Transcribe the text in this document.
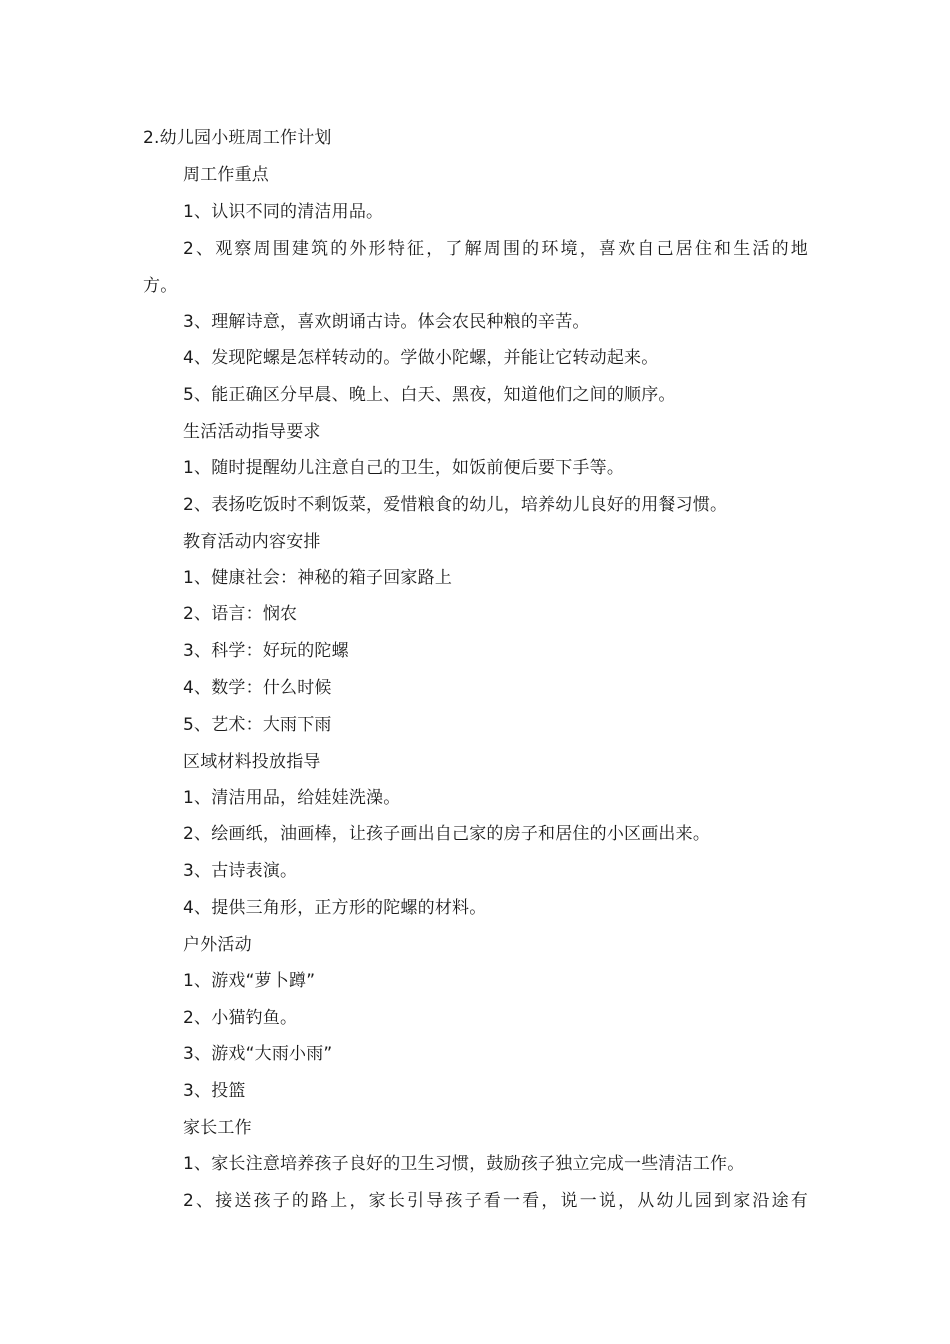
2.幼儿园小班周工作计划
周工作重点
1、认识不同的清洁用品。
2、观察周围建筑的外形特征，了解周围的环境，喜欢自己居住和生活的地
方。
3、理解诗意，喜欢朗诵古诗。体会农民种粮的辛苦。
4、发现陀螺是怎样转动的。学做小陀螺，并能让它转动起来。
5、能正确区分早晨、晚上、白天、黑夜，知道他们之间的顺序。
生活活动指导要求
1、随时提醒幼儿注意自己的卫生，如饭前便后要下手等。
2、表扬吃饭时不剩饭菜，爱惜粮食的幼儿，培养幼儿良好的用餐习惯。
教育活动内容安排
1、健康社会：神秘的箱子回家路上
2、语言：悯农
3、科学：好玩的陀螺
4、数学：什么时候
5、艺术：大雨下雨
区域材料投放指导
1、清洁用品，给娃娃洗澡。
2、绘画纸，油画棒，让孩子画出自己家的房子和居住的小区画出来。
3、古诗表演。
4、提供三角形，正方形的陀螺的材料。
户外活动
1、游戏“萝卜蹲”
2、小猫钓鱼。
3、游戏“大雨小雨”
3、投篮
家长工作
1、家长注意培养孩子良好的卫生习惯，鼓励孩子独立完成一些清洁工作。
2、接送孩子的路上，家长引导孩子看一看，说一说，从幼儿园到家沿途有
